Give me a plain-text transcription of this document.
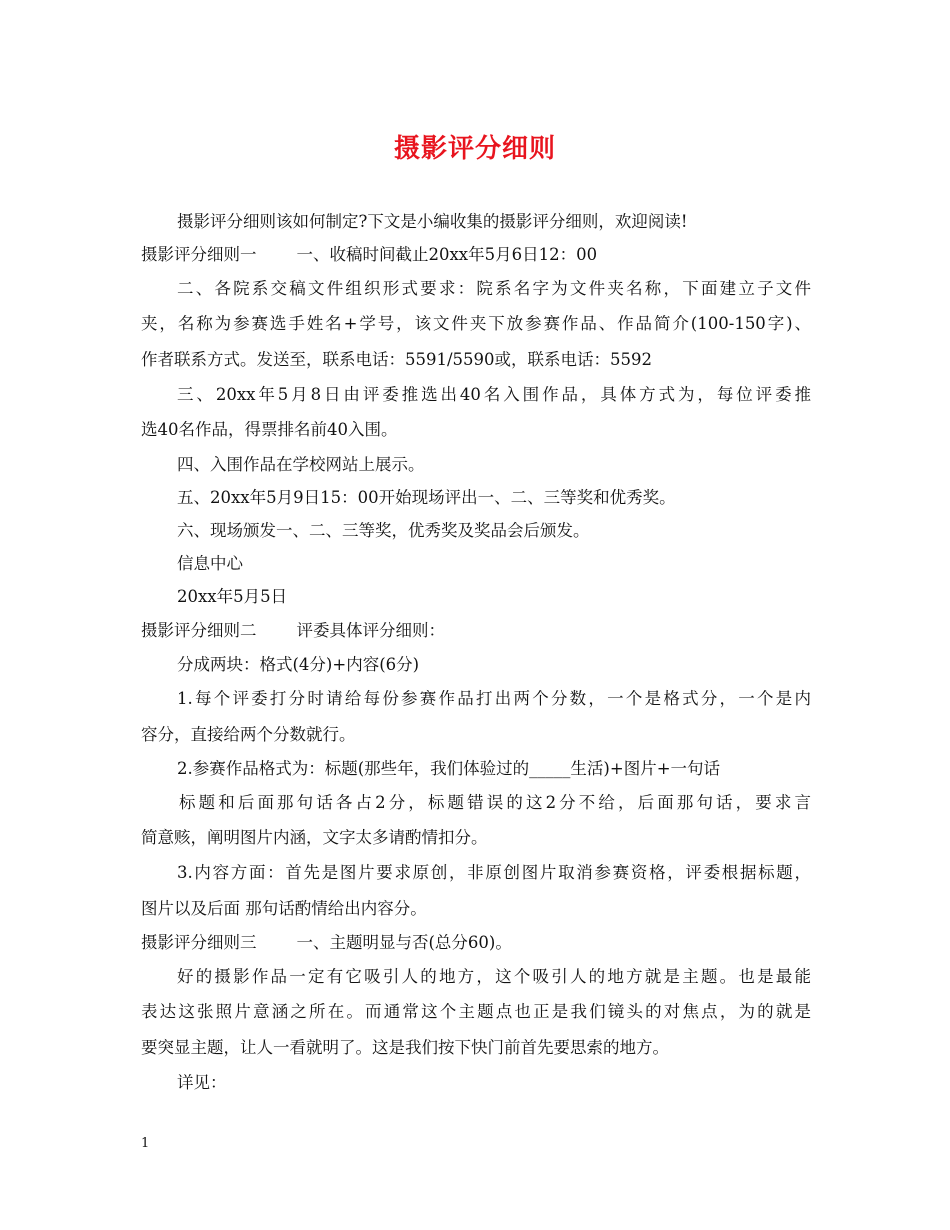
摄影评分细则
摄影评分细则该如何制定?下文是小编收集的摄影评分细则，欢迎阅读!
摄影评分细则一 一、收稿时间截止20xx年5月6日12：00
二、各院系交稿文件组织形式要求：院系名字为文件夹名称，下面建立子文件
夹，名称为参赛选手姓名+学号，该文件夹下放参赛作品、作品简介(100-150字)、
作者联系方式。发送至，联系电话：5591/5590或，联系电话：5592
三、20xx年5月8日由评委推选出40名入围作品，具体方式为，每位评委推
选40名作品，得票排名前40入围。
四、入围作品在学校网站上展示。
五、20xx年5月9日15：00开始现场评出一、二、三等奖和优秀奖。
六、现场颁发一、二、三等奖，优秀奖及奖品会后颁发。
信息中心
20xx年5月5日
摄影评分细则二 评委具体评分细则：
分成两块：格式(4分)+内容(6分)
1.每个评委打分时请给每份参赛作品打出两个分数，一个是格式分，一个是内
容分，直接给两个分数就行。
2.参赛作品格式为：标题(那些年，我们体验过的_____生活)+图片+一句话
标题和后面那句话各占2分，标题错误的这2分不给，后面那句话，要求言
简意赅，阐明图片内涵，文字太多请酌情扣分。
3.内容方面：首先是图片要求原创，非原创图片取消参赛资格，评委根据标题，
图片以及后面 那句话酌情给出内容分。
摄影评分细则三 一、主题明显与否(总分60)。
好的摄影作品一定有它吸引人的地方，这个吸引人的地方就是主题。也是最能
表达这张照片意涵之所在。而通常这个主题点也正是我们镜头的对焦点，为的就是
要突显主题，让人一看就明了。这是我们按下快门前首先要思索的地方。
详见：
1
